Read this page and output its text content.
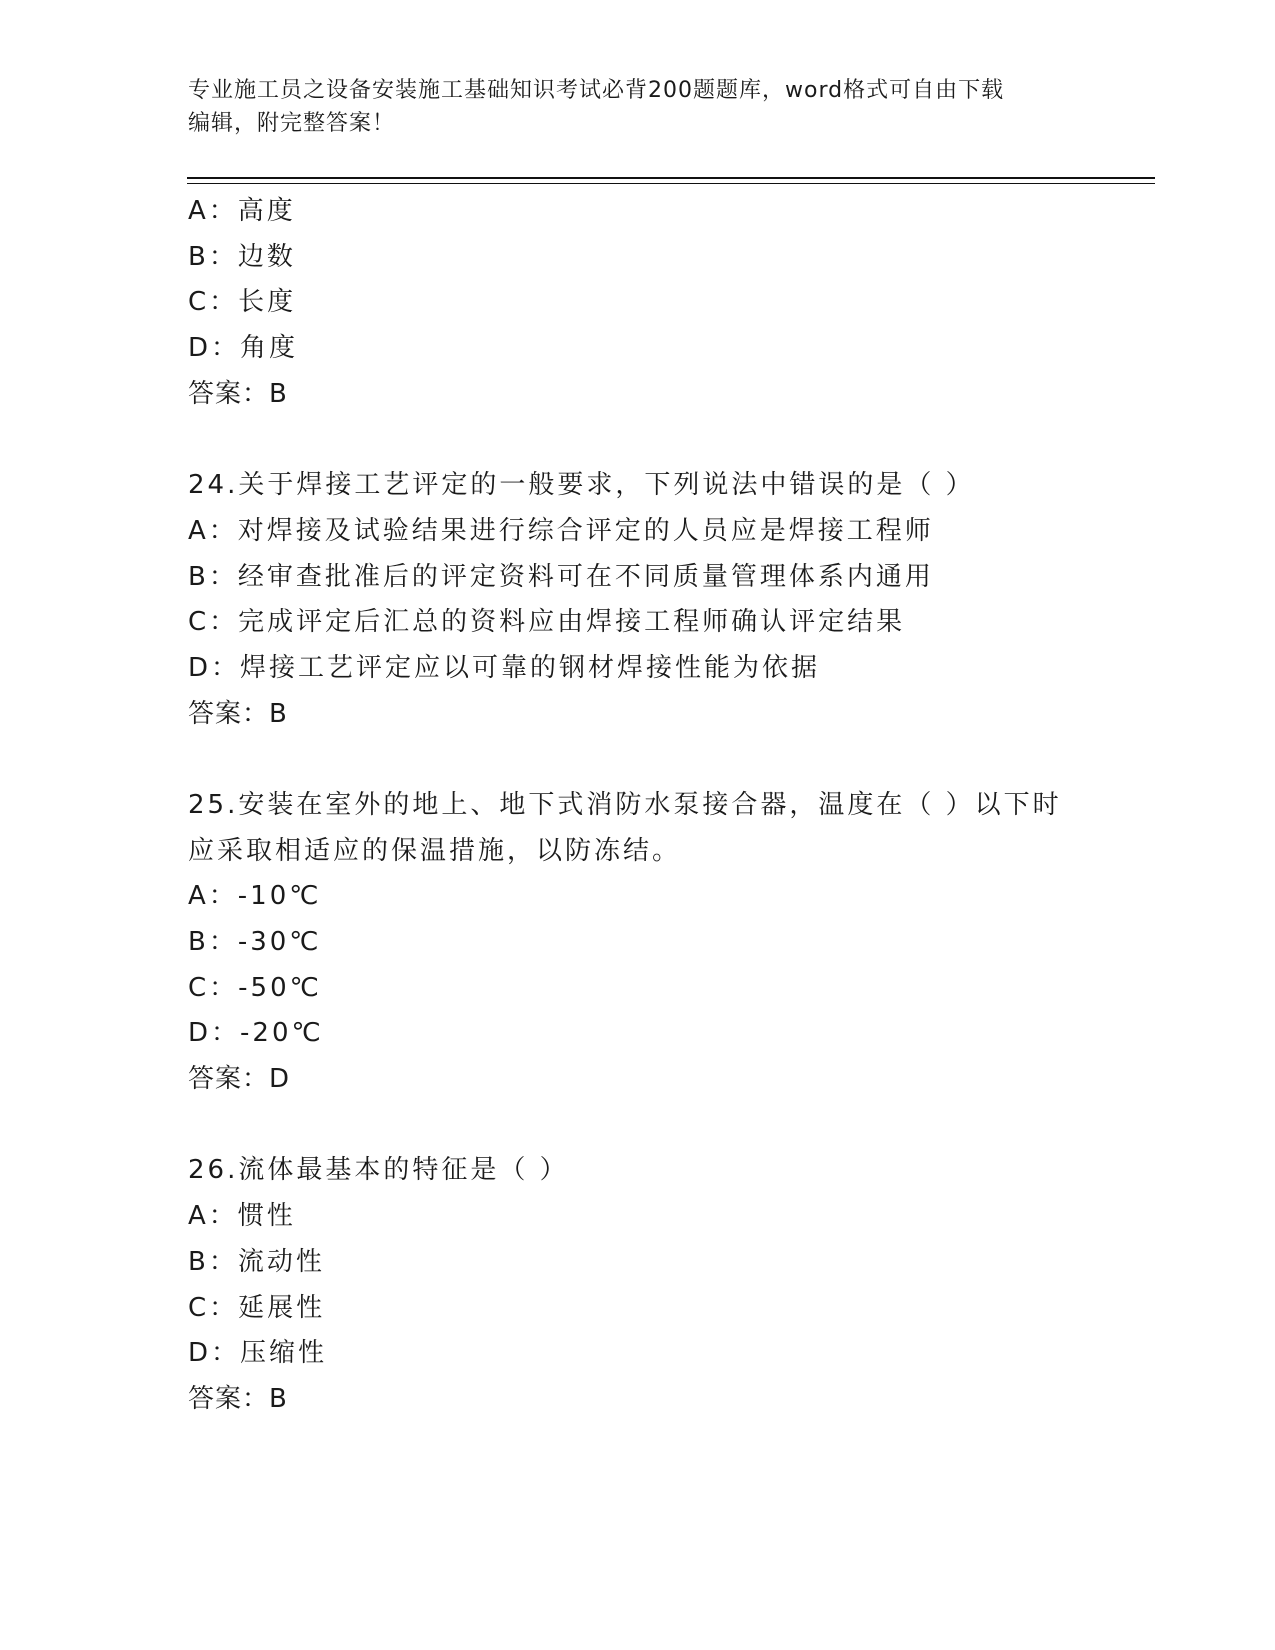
专业施工员之设备安装施工基础知识考试必背200题题库，word格式可自由下载
编辑，附完整答案！
A：高度
B：边数
C：长度
D：角度
答案：B
24.关于焊接工艺评定的一般要求，下列说法中错误的是（ ）
A：对焊接及试验结果进行综合评定的人员应是焊接工程师
B：经审查批准后的评定资料可在不同质量管理体系内通用
C：完成评定后汇总的资料应由焊接工程师确认评定结果
D：焊接工艺评定应以可靠的钢材焊接性能为依据
答案：B
25.安装在室外的地上、地下式消防水泵接合器，温度在（ ）以下时
应采取相适应的保温措施，以防冻结。
A：-10℃
B：-30℃
C：-50℃
D：-20℃
答案：D
26.流体最基本的特征是（ ）
A：惯性
B：流动性
C：延展性
D：压缩性
答案：B
